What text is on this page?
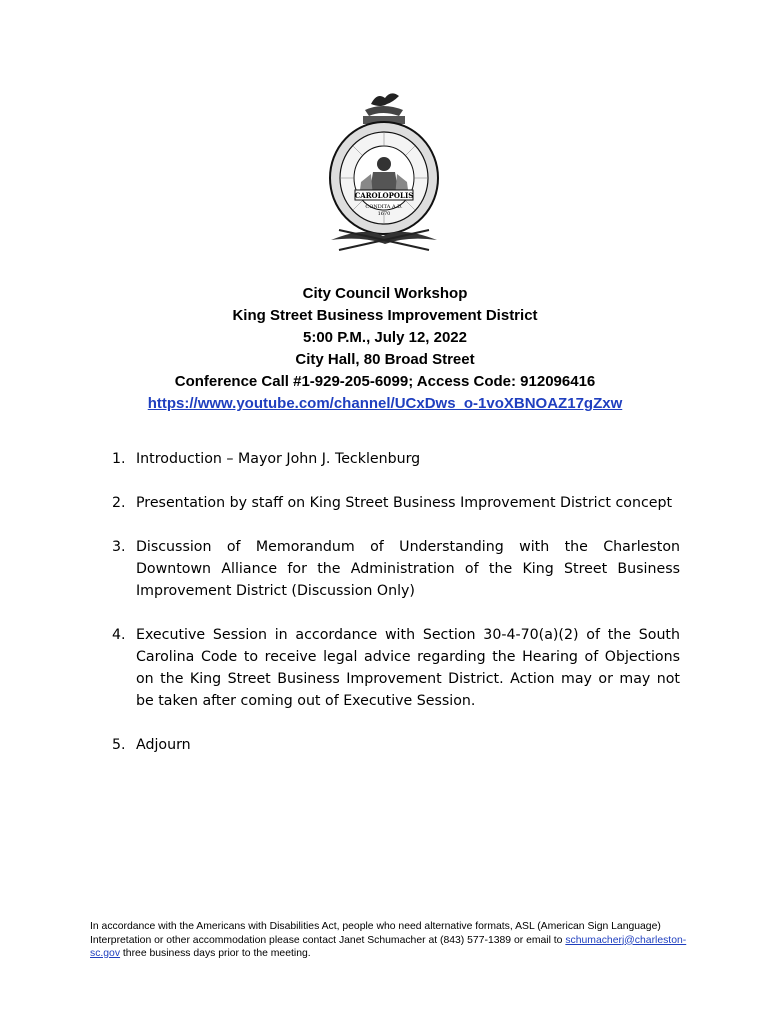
CAROLOPOLIS
CONDITA A.D.
1670
City Council Workshop
King Street Business Improvement District
5:00 P.M., July 12, 2022
City Hall, 80 Broad Street
Conference Call #1-929-205-6099; Access Code: 912096416
https://www.youtube.com/channel/UCxDws_o-1voXBNOAZ17gZxw
1. Introduction – Mayor John J. Tecklenburg
2. Presentation by staff on King Street Business Improvement District concept
3. Discussion of Memorandum of Understanding with the Charleston Downtown Alliance for the Administration of the King Street Business Improvement District (Discussion Only)
4. Executive Session in accordance with Section 30-4-70(a)(2) of the South Carolina Code to receive legal advice regarding the Hearing of Objections on the King Street Business Improvement District. Action may or may not be taken after coming out of Executive Session.
5. Adjourn
In accordance with the Americans with Disabilities Act, people who need alternative formats, ASL (American Sign Language) Interpretation or other accommodation please contact Janet Schumacher at (843) 577-1389 or email to schumacherj@charleston-sc.gov three business days prior to the meeting.
